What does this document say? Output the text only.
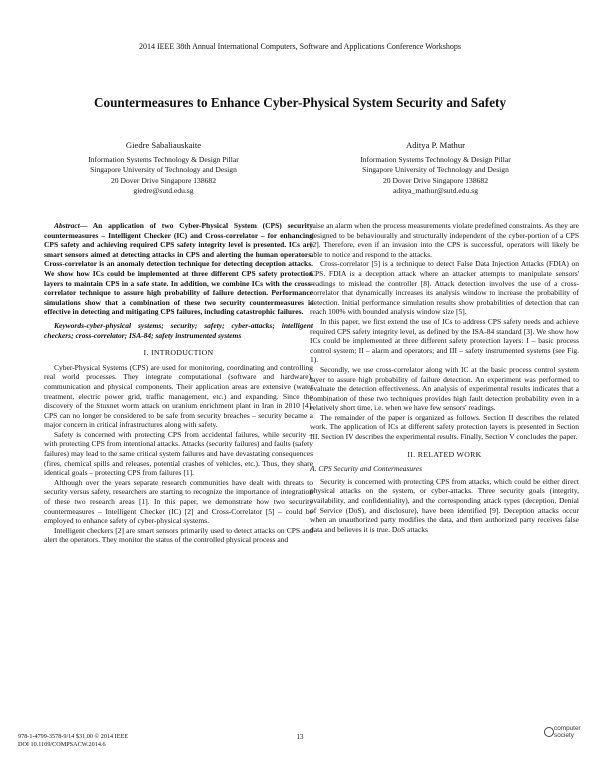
2014 IEEE 38th Annual International Computers, Software and Applications Conference Workshops
Countermeasures to Enhance Cyber-Physical System Security and Safety
Giedre Sabaliauskaite
Information Systems Technology & Design Pillar
Singapore University of Technology and Design
20 Dover Drive Singapore 138682
giedre@sutd.edu.sg
Aditya P. Mathur
Information Systems Technology & Design Pillar
Singapore University of Technology and Design
20 Dover Drive Singapore 138682
aditya_mathur@sutd.edu.sg

Abstract— An application of two Cyber-Physical System (CPS) security countermeasures – Intelligent Checker (IC) and Cross-correlator – for enhancing CPS safety and achieving required CPS safety integrity level is presented. ICs are smart sensors aimed at detecting attacks in CPS and alerting the human operators. Cross-correlator is an anomaly detection technique for detecting deception attacks. We show how ICs could be implemented at three different CPS safety protection layers to maintain CPS in a safe state. In addition, we combine ICs with the cross-correlator technique to assure high probability of failure detection. Performance simulations show that a combination of these two security countermeasures is effective in detecting and mitigating CPS failures, including catastrophic failures.

Keywords-cyber-physical systems; security; safety; cyber-attacks; intelligent checkers; cross-correlator; ISA-84; safety instrumented systems

I. INTRODUCTION

Cyber-Physical Systems (CPS) are used for monitoring, coordinating and controlling real world processes. They integrate computational (software and hardware), communication and physical components. Their application areas are extensive (water treatment, electric power grid, traffic management, etc.) and expanding. Since the discovery of the Stuxnet worm attack on uranium enrichment plant in Iran in 2010 [4], CPS can no longer be considered to be safe from security breaches – security became a major concern in critical infrastructures along with safety.

Safety is concerned with protecting CPS from accidental failures, while security – with protecting CPS from intentional attacks. Attacks (security failures) and faults (safety failures) may lead to the same critical system failures and have devastating consequences (fires, chemical spills and releases, potential crashes of vehicles, etc.). Thus, they share identical goals – protecting CPS from failures [1].

Although over the years separate research communities have dealt with threats to security versus safety, researchers are starting to recognize the importance of integration of these two research areas [1]. In this paper, we demonstrate how two security countermeasures – Intelligent Checker (IC) [2] and Cross-Correlator [5] – could be employed to enhance safety of cyber-physical systems.

Intelligent checkers [2] are smart sensors primarily used to detect attacks on CPS and alert the operators. They monitor the status of the controlled physical process and

raise an alarm when the process measurements violate predefined constraints. As they are designed to be behaviourally and structurally independent of the cyber-portion of a CPS [2]. Therefore, even if an invasion into the CPS is successful, operators will likely be able to notice and respond to the attacks.

Cross-correlator [5] is a technique to detect False Data Injection Attacks (FDIA) on CPS. FDIA is a deception attack where an attacker attempts to manipulate sensors' readings to mislead the controller [8]. Attack detection involves the use of a cross-correlator that dynamically increases its analysis window to increase the probability of detection. Initial performance simulation results show probabilities of detection that can reach 100% with bounded analysis window size [5].

In this paper, we first extend the use of ICs to address CPS safety needs and achieve required CPS safety integrity level, as defined by the ISA-84 standard [3]. We show how ICs could be implemented at three different safety protection layers: I – basic process control system; II – alarm and operators; and III – safety instrumented systems (see Fig. 1).

Secondly, we use cross-correlator along with IC at the basic process control system layer to assure high probability of failure detection. An experiment was performed to evaluate the detection effectiveness. An analysis of experimental results indicates that a combination of these two techniques provides high fault detection probability even in a relatively short time, i.e. when we have few sensors' readings.

The remainder of the paper is organized as follows. Section II describes the related work. The application of ICs at different safety protection layers is presented in Section III. Section IV describes the experimental results. Finally, Section V concludes the paper.

II. RELATED WORK

A. CPS Security and Contermeasures

Security is concerned with protecting CPS from attacks, which could be either direct physical attacks on the system, or cyber-attacks. Three security goals (integrity, availability, and confidentiality), and the corresponding attack types (deception, Denial of Service (DoS), and disclosure), have been identified [9]. Deception attacks occur when an unauthorized party modifies the data, and then authorized party receives false data and believes it is true. DoS attacks

978-1-4799-3578-9/14 $31.00 © 2014 IEEE
DOI 10.1109/COMPSACW.2014.6
13
computer
society
